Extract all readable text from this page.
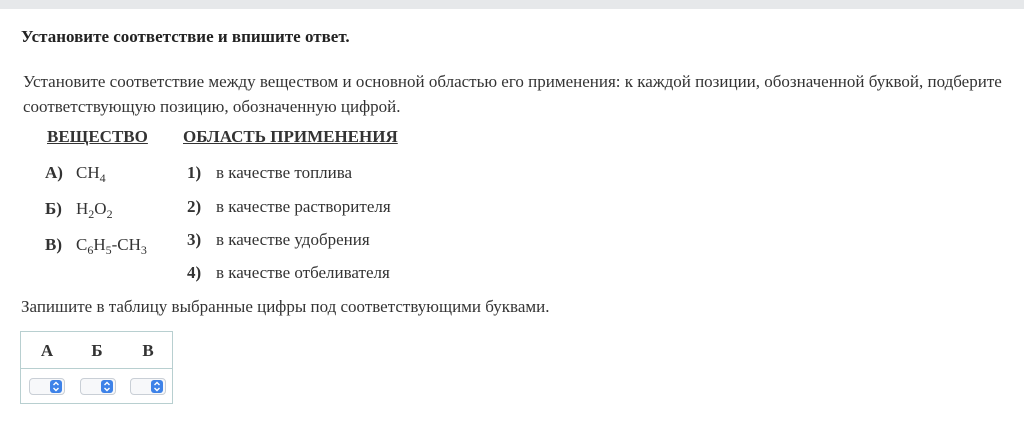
Установите соответствие и впишите ответ.
Установите соответствие между веществом и основной областью его применения: к каждой позиции, обозначенной буквой, подберите соответствующую позицию, обозначенную цифрой.
ВЕЩЕСТВО ОБЛАСТЬ ПРИМЕНЕНИЯ
А) $CH_4$
Б) $H_2O_2$
В) $C_6H_5-CH_3$
1) в качестве топлива
2) в качестве растворителя
3) в качестве удобрения
4) в качестве отбеливателя
Запишите в таблицу выбранные цифры под соответствующими буквами.
А	Б	В
